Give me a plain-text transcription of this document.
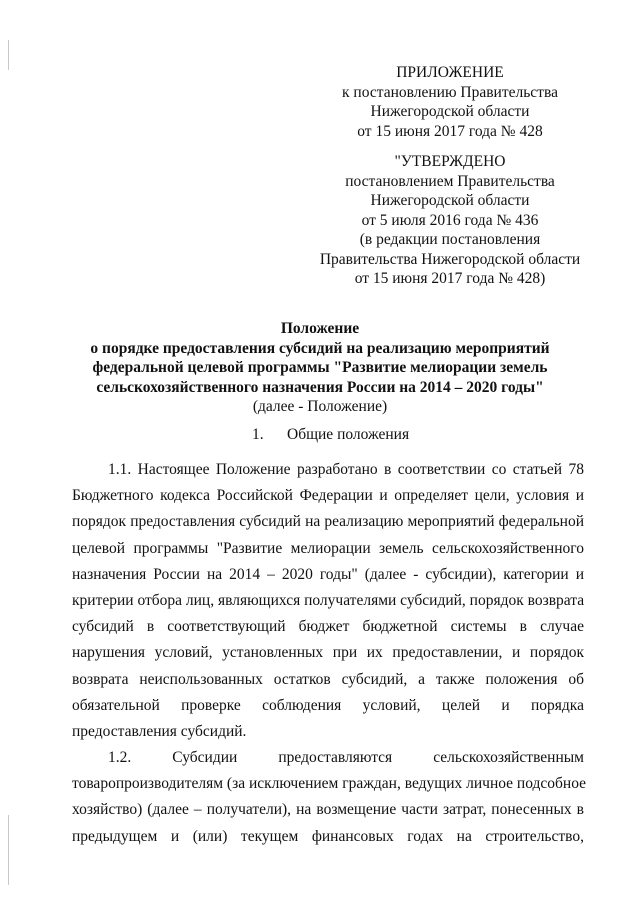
ПРИЛОЖЕНИЕ
к постановлению Правительства
Нижегородской области
от 15 июня 2017 года № 428
"УТВЕРЖДЕНО
постановлением Правительства
Нижегородской области
от 5 июля 2016 года № 436
(в редакции постановления
Правительства Нижегородской области
от 15 июня 2017 года № 428)
Положение
о порядке предоставления субсидий на реализацию мероприятий
федеральной целевой программы "Развитие мелиорации земель
сельскохозяйственного назначения России на 2014 – 2020 годы"
(далее - Положение)
1. Общие положения
1.1. Настоящее Положение разработано в соответствии со статьей 78
Бюджетного кодекса Российской Федерации и определяет цели, условия и
порядок предоставления субсидий на реализацию мероприятий федеральной
целевой программы "Развитие мелиорации земель сельскохозяйственного
назначения России на 2014 – 2020 годы" (далее - субсидии), категории и
критерии отбора лиц, являющихся получателями субсидий, порядок возврата
субсидий в соответствующий бюджет бюджетной системы в случае
нарушения условий, установленных при их предоставлении, и порядок
возврата неиспользованных остатков субсидий, а также положения об
обязательной проверке соблюдения условий, целей и порядка
предоставления субсидий.
1.2. Субсидии предоставляются сельскохозяйственным
товаропроизводителям (за исключением граждан, ведущих личное подсобное
хозяйство) (далее – получатели), на возмещение части затрат, понесенных в
предыдущем и (или) текущем финансовых годах на строительство,
